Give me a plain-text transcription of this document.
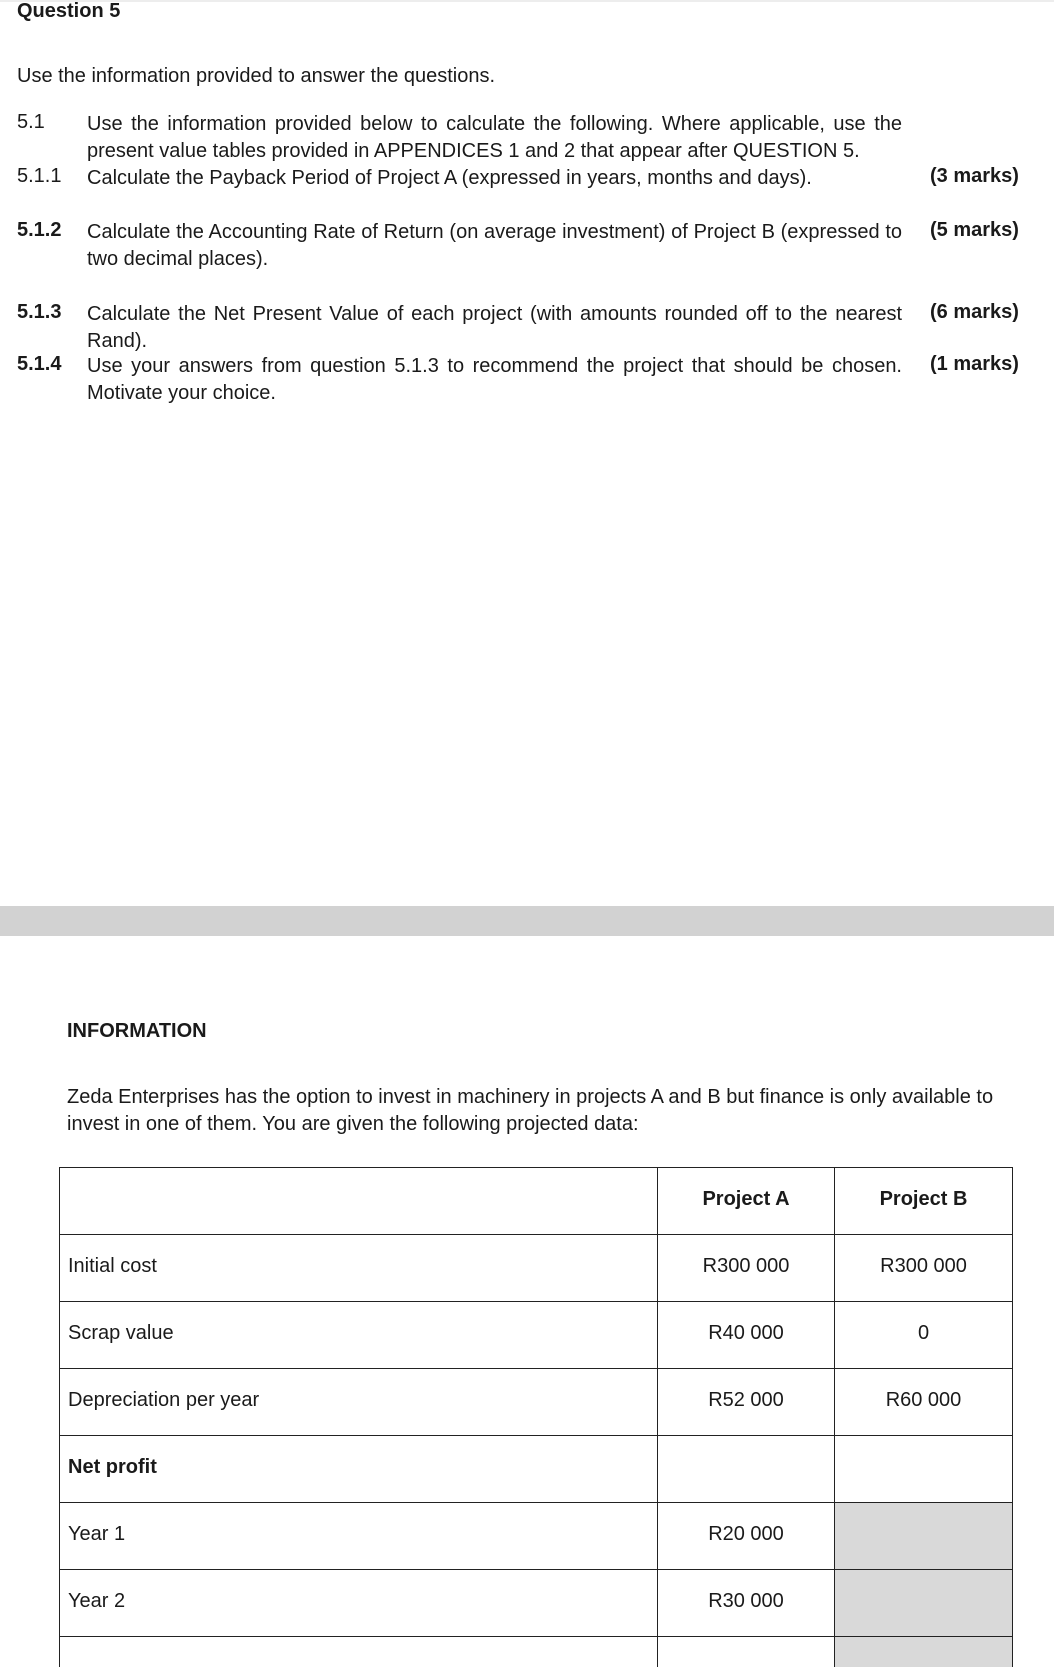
Question 5
Use the information provided to answer the questions.
5.1	Use the information provided below to calculate the following. Where applicable, use the present value tables provided in APPENDICES 1 and 2 that appear after QUESTION 5.
5.1.1	Calculate the Payback Period of Project A (expressed in years, months and days).	(3 marks)
5.1.2	Calculate the Accounting Rate of Return (on average investment) of Project B (expressed to two decimal places).
(5 marks)
5.1.3	Calculate the Net Present Value of each project (with amounts rounded off to the nearest Rand).
(6 marks)
5.1.4	Use your answers from question 5.1.3 to recommend the project that should be chosen. Motivate your choice.
(1 marks)
INFORMATION
Zeda Enterprises has the option to invest in machinery in projects A and B but finance is only available to invest in one of them. You are given the following projected data:

	Project A	Project B

Initial cost	R300 000	R300 000

Scrap value	R40 000	0

Depreciation per year	R52 000	R60 000

Net profit		

Year 1	R20 000	

Year 2	R30 000	
